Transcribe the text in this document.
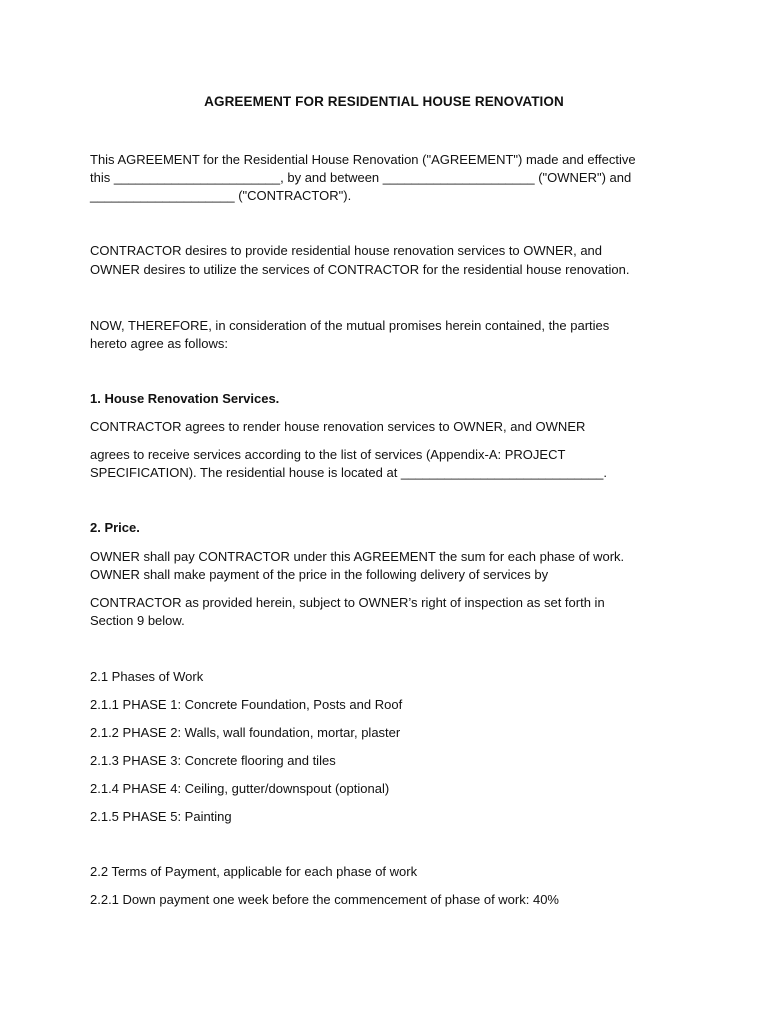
AGREEMENT FOR RESIDENTIAL HOUSE RENOVATION
This AGREEMENT for the Residential House Renovation ("AGREEMENT") made and effective
this _______________________, by and between _____________________ ("OWNER") and
____________________ ("CONTRACTOR").
CONTRACTOR desires to provide residential house renovation services to OWNER, and
OWNER desires to utilize the services of CONTRACTOR for the residential house renovation.
NOW, THEREFORE, in consideration of the mutual promises herein contained, the parties
hereto agree as follows:
1. House Renovation Services.
CONTRACTOR agrees to render house renovation services to OWNER, and OWNER
agrees to receive services according to the list of services (Appendix-A: PROJECT
SPECIFICATION). The residential house is located at ____________________________.
2. Price.
OWNER shall pay CONTRACTOR under this AGREEMENT the sum for each phase of work.
OWNER shall make payment of the price in the following delivery of services by
CONTRACTOR as provided herein, subject to OWNER’s right of inspection as set forth in
Section 9 below.
2.1 Phases of Work
2.1.1 PHASE 1: Concrete Foundation, Posts and Roof
2.1.2 PHASE 2: Walls, wall foundation, mortar, plaster
2.1.3 PHASE 3: Concrete flooring and tiles
2.1.4 PHASE 4: Ceiling, gutter/downspout (optional)
2.1.5 PHASE 5: Painting
2.2 Terms of Payment, applicable for each phase of work
2.2.1 Down payment one week before the commencement of phase of work: 40%
